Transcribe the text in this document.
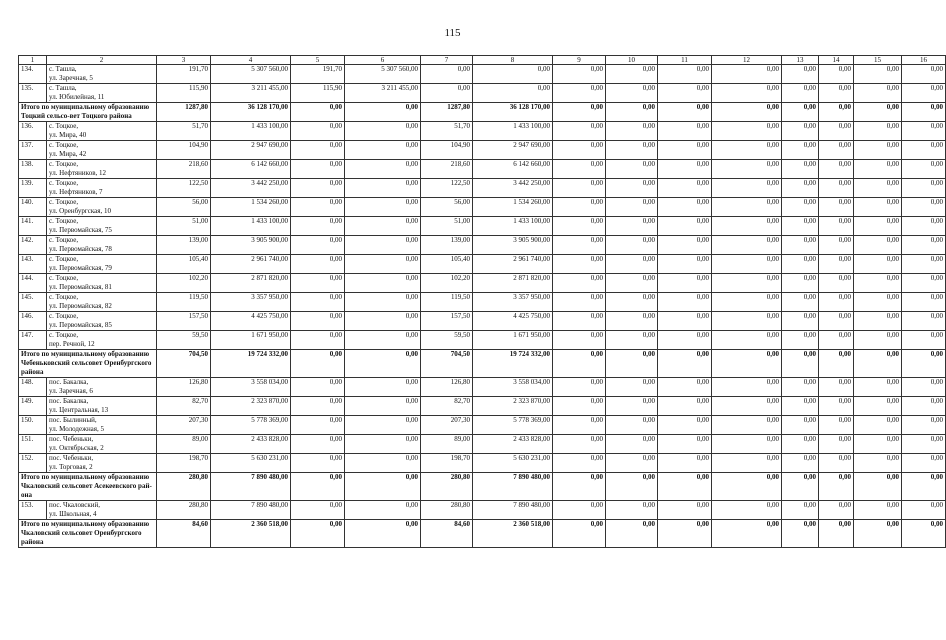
115
1	2	3	4	5	6	7	8	9	10	11	12	13	14	15	16
134.	с. Ташла,
ул. Заречная, 5	191,70	5 307 560,00	191,70	5 307 560,00	0,00	0,00	0,00	0,00	0,00	0,00	0,00	0,00	0,00	0,00
135.	с. Ташла,
ул. Юбилейная, 11	115,90	3 211 455,00	115,90	3 211 455,00	0,00	0,00	0,00	0,00	0,00	0,00	0,00	0,00	0,00	0,00
Итого по муниципальному образованию Тоцкий сельсо-вет Тоцкого района		1287,80	36 128 170,00	0,00	0,00	1287,80	36 128 170,00	0,00	0,00	0,00	0,00	0,00	0,00	0,00	0,00
136.	с. Тоцкое,
ул. Мира, 40	51,70	1 433 100,00	0,00	0,00	51,70	1 433 100,00	0,00	0,00	0,00	0,00	0,00	0,00	0,00	0,00
137.	с. Тоцкое,
ул. Мира, 42	104,90	2 947 690,00	0,00	0,00	104,90	2 947 690,00	0,00	0,00	0,00	0,00	0,00	0,00	0,00	0,00
138.	с. Тоцкое,
ул. Нефтяников, 12	218,60	6 142 660,00	0,00	0,00	218,60	6 142 660,00	0,00	0,00	0,00	0,00	0,00	0,00	0,00	0,00
139.	с. Тоцкое,
ул. Нефтяников, 7	122,50	3 442 250,00	0,00	0,00	122,50	3 442 250,00	0,00	0,00	0,00	0,00	0,00	0,00	0,00	0,00
140.	с. Тоцкое,
ул. Оренбургская, 10	56,00	1 534 260,00	0,00	0,00	56,00	1 534 260,00	0,00	0,00	0,00	0,00	0,00	0,00	0,00	0,00
141.	с. Тоцкое,
ул. Первомайская, 75	51,00	1 433 100,00	0,00	0,00	51,00	1 433 100,00	0,00	0,00	0,00	0,00	0,00	0,00	0,00	0,00
142.	с. Тоцкое,
ул. Первомайская, 78	139,00	3 905 900,00	0,00	0,00	139,00	3 905 900,00	0,00	0,00	0,00	0,00	0,00	0,00	0,00	0,00
143.	с. Тоцкое,
ул. Первомайская, 79	105,40	2 961 740,00	0,00	0,00	105,40	2 961 740,00	0,00	0,00	0,00	0,00	0,00	0,00	0,00	0,00
144.	с. Тоцкое,
ул. Первомайская, 81	102,20	2 871 820,00	0,00	0,00	102,20	2 871 820,00	0,00	0,00	0,00	0,00	0,00	0,00	0,00	0,00
145.	с. Тоцкое,
ул. Первомайская, 82	119,50	3 357 950,00	0,00	0,00	119,50	3 357 950,00	0,00	0,00	0,00	0,00	0,00	0,00	0,00	0,00
146.	с. Тоцкое,
ул. Первомайская, 85	157,50	4 425 750,00	0,00	0,00	157,50	4 425 750,00	0,00	0,00	0,00	0,00	0,00	0,00	0,00	0,00
147.	с. Тоцкое,
пер. Речной, 12	59,50	1 671 950,00	0,00	0,00	59,50	1 671 950,00	0,00	0,00	0,00	0,00	0,00	0,00	0,00	0,00
Итого по муниципальному образованию Чебеньковский сельсовет Оренбургского района		704,50	19 724 332,00	0,00	0,00	704,50	19 724 332,00	0,00	0,00	0,00	0,00	0,00	0,00	0,00	0,00
148.	пос. Бакалка,
ул. Заречная, 6	126,80	3 558 034,00	0,00	0,00	126,80	3 558 034,00	0,00	0,00	0,00	0,00	0,00	0,00	0,00	0,00
149.	пос. Бакалка,
ул. Центральная, 13	82,70	2 323 870,00	0,00	0,00	82,70	2 323 870,00	0,00	0,00	0,00	0,00	0,00	0,00	0,00	0,00
150.	пос. Былинный,
ул. Молодежная, 5	207,30	5 778 369,00	0,00	0,00	207,30	5 778 369,00	0,00	0,00	0,00	0,00	0,00	0,00	0,00	0,00
151.	пос. Чебеньки,
ул. Октябрьская, 2	89,00	2 433 828,00	0,00	0,00	89,00	2 433 828,00	0,00	0,00	0,00	0,00	0,00	0,00	0,00	0,00
152.	пос. Чебеньки,
ул. Торговая, 2	198,70	5 630 231,00	0,00	0,00	198,70	5 630 231,00	0,00	0,00	0,00	0,00	0,00	0,00	0,00	0,00
Итого по муниципальному образованию Чкаловский сельсовет Асекеевского рай-она		280,80	7 890 480,00	0,00	0,00	280,80	7 890 480,00	0,00	0,00	0,00	0,00	0,00	0,00	0,00	0,00
153.	пос. Чкаловский,
ул. Школьная, 4	280,80	7 890 480,00	0,00	0,00	280,80	7 890 480,00	0,00	0,00	0,00	0,00	0,00	0,00	0,00	0,00
Итого по муниципальному образованию Чкаловский сельсовет Оренбургского района		84,60	2 360 518,00	0,00	0,00	84,60	2 360 518,00	0,00	0,00	0,00	0,00	0,00	0,00	0,00	0,00
